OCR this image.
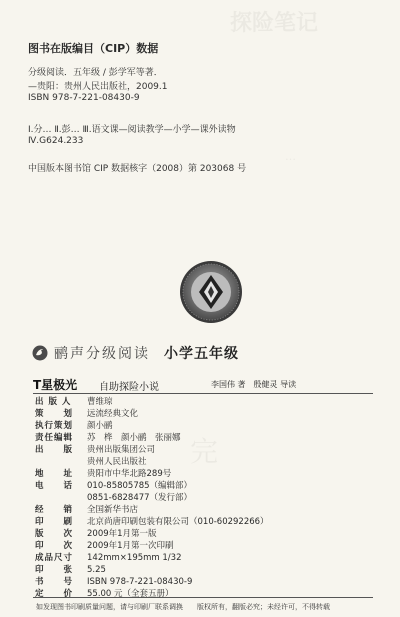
图书在版编目（CIP）数据
分级阅读．五年级 / 彭学军等著．
—贵阳：贵州人民出版社，2009.1
ISBN 978-7-221-08430-9
Ⅰ.分… Ⅱ.彭… Ⅲ.语文课—阅读教学—小学—课外读物
Ⅳ.G624.233
中国版本图书馆 CIP 数据核字（2008）第 203068 号
鹂声分级阅读 小学五年级
T星极光 自助探险小说	李国伟 著　殷健灵 导读
出 版 人	曹维琼
策　　划	远流经典文化
执行策划	颜小鹂
责任编辑	苏　桦　颜小鹂　张丽娜
出　　版	贵州出版集团公司
贵州人民出版社
地　　址	贵阳市中华北路289号
电　　话	010-85805785（编辑部）
0851-6828477（发行部）
经　　销	全国新华书店
印　　刷	北京尚唐印刷包装有限公司（010-60292266）
版　　次	2009年1月第一版
印　　次	2009年1月第一次印刷
成品尺寸	142mm×195mm 1/32
印　　张	5.25
书　　号	ISBN 978-7-221-08430-9
定　　价	55.00 元（全套五册）
如发现图书印刷质量问题，请与印刷厂联系调换　　版权所有，翻版必究；未经许可，不得转载
